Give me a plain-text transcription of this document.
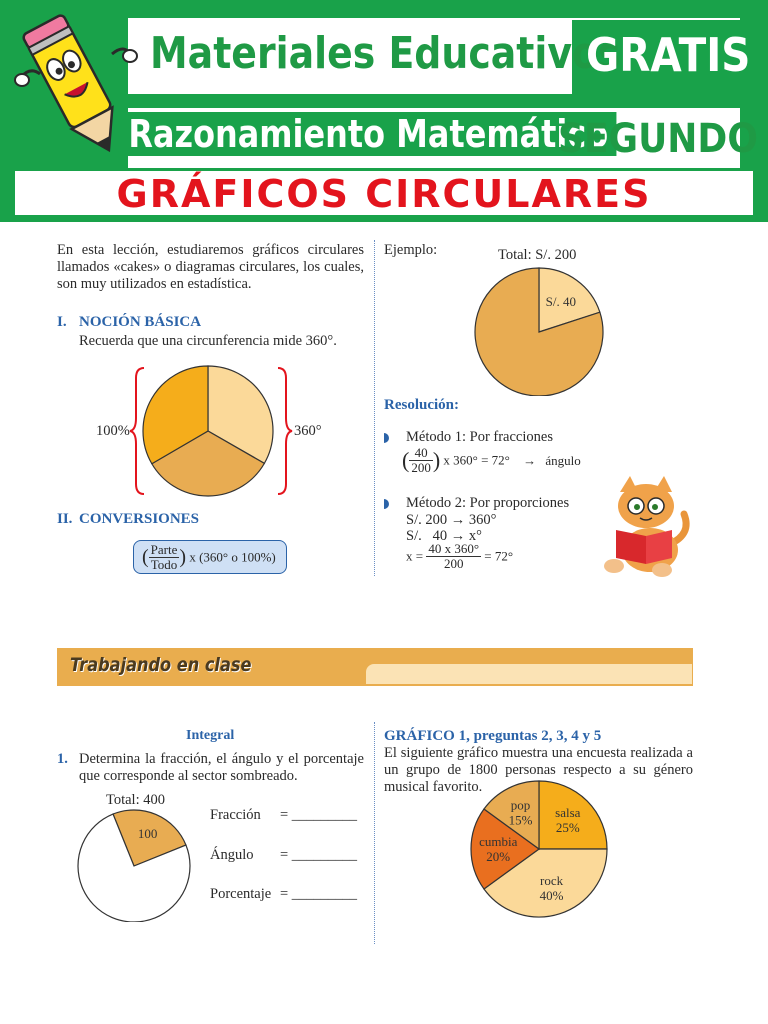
Materiales Educativos
GRATIS
Razonamiento Matemático
SEGUNDO
GRÁFICOS CIRCULARES
En esta lección, estudiaremos gráficos circulares llamados «cakes» o diagramas circulares, los cuales, son muy utilizados en estadística.
I. NOCIÓN BÁSICA
Recuerda que una circunferencia mide 360°.
100%	360°
II. CONVERSIONES
( $\frac{\text{Parte}}{\text{Todo}}$ ) x (360° o 100%)
Ejemplo:	Total: S/. 200
S/. 40
Resolución:
Método 1: Por fracciones
( $\frac{40}{200}$ ) x 360° = 72° → ángulo
Método 2: Por proporciones
S/. 200 → 360°
S/.   40 → x°
$x = \frac{40 x 360^\circ}{200} = 72^\circ$
Trabajando en clase
Integral
1. Determina la fracción, el ángulo y el porcentaje que corresponde al sector sombreado.
Total: 400
100
Fracción = _________
Ángulo = _________
Porcentaje = _________
GRÁFICO 1, preguntas 2, 3, 4 y 5
El siguiente gráfico muestra una encuesta realizada a un grupo de 1800 personas respecto a su género musical favorito.
salsa
25%
rock
40%
cumbia
20%
pop
15%
